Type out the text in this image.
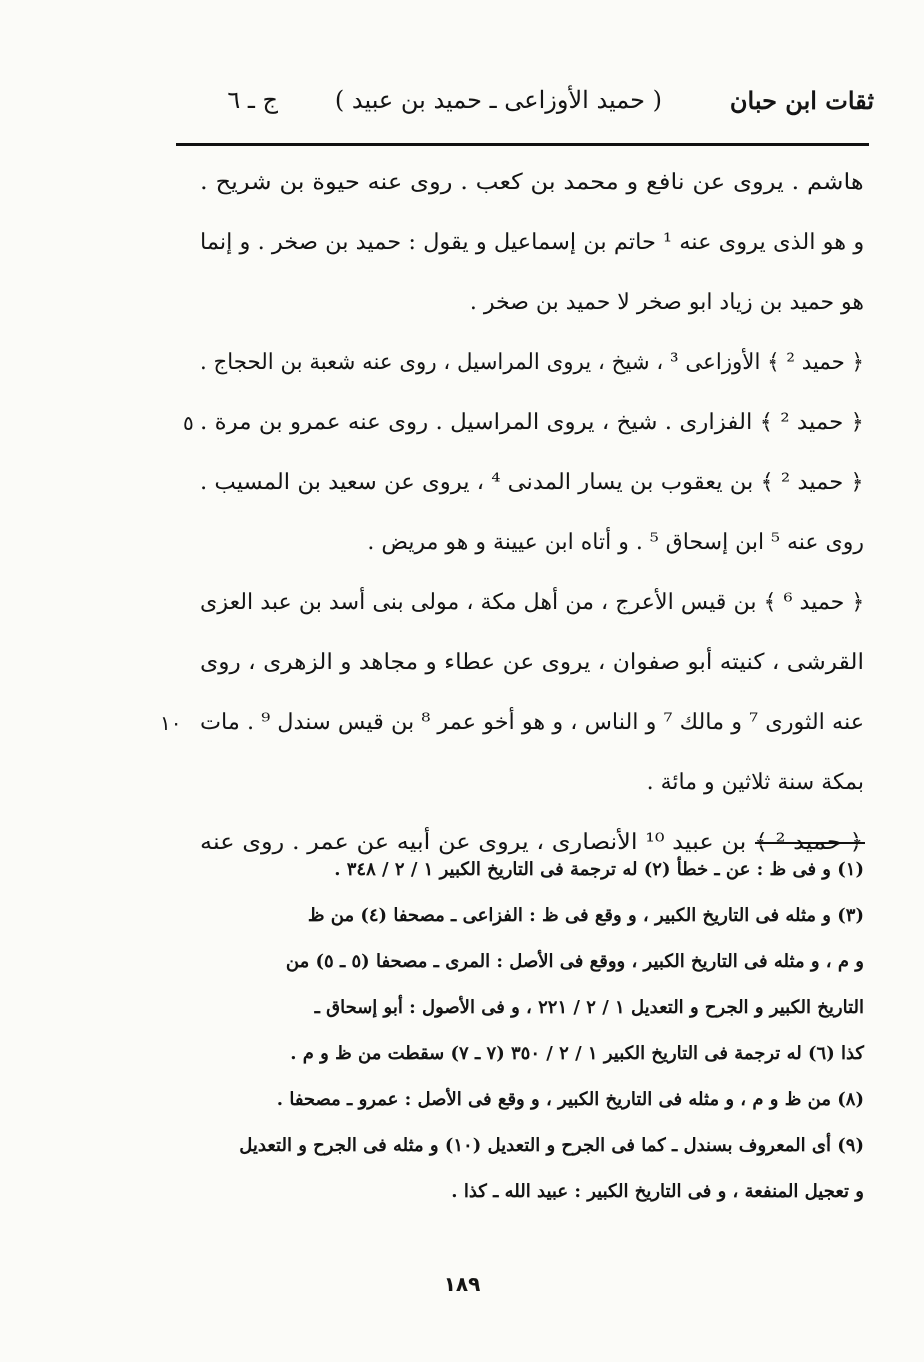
ثقات ابن حبان
( حميد الأوزاعى ـ حميد بن عبيد )
ج ـ ٦
هاشم . يروى عن نافع و محمد بن كعب . روى عنه حيوة بن شريح .
و هو الذى يروى عنه ¹ حاتم بن إسماعيل و يقول : حميد بن صخر . و إنما
هو حميد بن زياد ابو صخر لا حميد بن صخر .
﴿ حميد ² ﴾ الأوزاعى ³ ، شيخ ، يروى المراسيل ، روى عنه شعبة بن الحجاج .
﴿ حميد ² ﴾ الفزارى . شيخ ، يروى المراسيل . روى عنه عمرو بن مرة .
٥
﴿ حميد ² ﴾ بن يعقوب بن يسار المدنى ⁴ ، يروى عن سعيد بن المسيب .
روى عنه ⁵ ابن إسحاق ⁵ . و أتاه ابن عيينة و هو مريض .
﴿ حميد ⁶ ﴾ بن قيس الأعرج ، من أهل مكة ، مولى بنى أسد بن عبد العزى
القرشى ، كنيته أبو صفوان ، يروى عن عطاء و مجاهد و الزهرى ، روى
عنه الثورى ⁷ و مالك ⁷ و الناس ، و هو أخو عمر ⁸ بن قيس سندل ⁹ . مات
١٠
بمكة سنة ثلاثين و مائة .
﴿ حميد ² ﴾ بن عبيد ¹⁰ الأنصارى ، يروى عن أبيه عن عمر . روى عنه
(١) و فى ظ : عن ـ خطأ (٢) له ترجمة فى التاريخ الكبير ١ / ٢ / ٣٤٨ . (٣) و مثله فى التاريخ الكبير ، و وقع فى ظ : الفزاعى ـ مصحفا (٤) من ظ و م ، و مثله فى التاريخ الكبير ، ووقع فى الأصل : المرى ـ مصحفا (٥ ـ ٥) من التاريخ الكبير و الجرح و التعديل ١ / ٢ / ٢٢١ ، و فى الأصول : أبو إسحاق ـ كذا (٦) له ترجمة فى التاريخ الكبير ١ / ٢ / ٣٥٠ (٧ ـ ٧) سقطت من ظ و م . (٨) من ظ و م ، و مثله فى التاريخ الكبير ، و وقع فى الأصل : عمرو ـ مصحفا . (٩) أى المعروف بسندل ـ كما فى الجرح و التعديل (١٠) و مثله فى الجرح و التعديل و تعجيل المنفعة ، و فى التاريخ الكبير : عبيد الله ـ كذا .
١٨٩
